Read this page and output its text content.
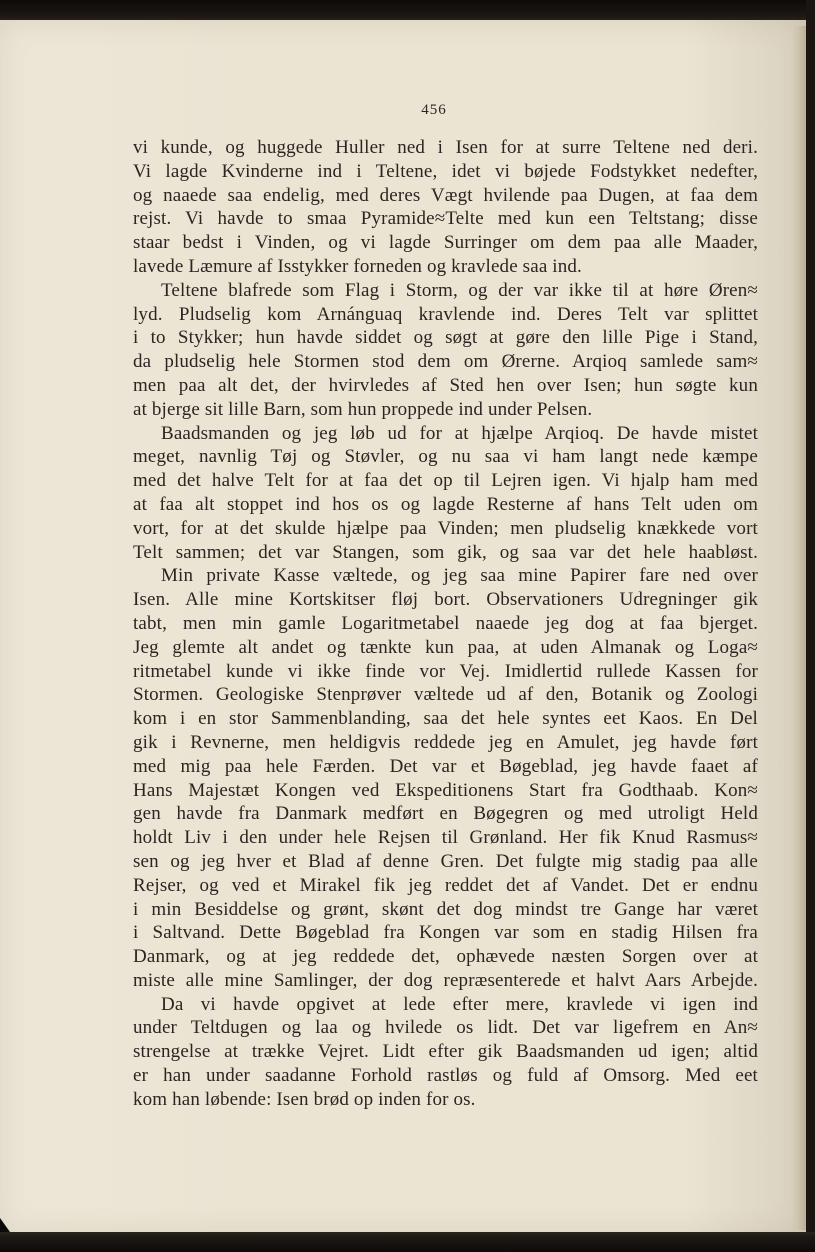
456

vi kunde, og huggede Huller ned i Isen for at surre Teltene ned deri.

Vi lagde Kvinderne ind i Teltene, idet vi bøjede Fodstykket nedefter,

og naaede saa endelig, med deres Vægt hvilende paa Dugen, at faa dem

rejst. Vi havde to smaa Pyramide≈Telte med kun een Teltstang; disse

staar bedst i Vinden, og vi lagde Surringer om dem paa alle Maader,

lavede Læmure af Isstykker forneden og kravlede saa ind.

Teltene blafrede som Flag i Storm, og der var ikke til at høre Øren≈

lyd. Pludselig kom Arnánguaq kravlende ind. Deres Telt var splittet

i to Stykker; hun havde siddet og søgt at gøre den lille Pige i Stand,

da pludselig hele Stormen stod dem om Ørerne. Arqioq samlede sam≈

men paa alt det, der hvirvledes af Sted hen over Isen; hun søgte kun

at bjerge sit lille Barn, som hun proppede ind under Pelsen.

Baadsmanden og jeg løb ud for at hjælpe Arqioq. De havde mistet

meget, navnlig Tøj og Støvler, og nu saa vi ham langt nede kæmpe

med det halve Telt for at faa det op til Lejren igen. Vi hjalp ham med

at faa alt stoppet ind hos os og lagde Resterne af hans Telt uden om

vort, for at det skulde hjælpe paa Vinden; men pludselig knækkede vort

Telt sammen; det var Stangen, som gik, og saa var det hele haabløst.

Min private Kasse væltede, og jeg saa mine Papirer fare ned over

Isen. Alle mine Kortskitser fløj bort. Observationers Udregninger gik

tabt, men min gamle Logaritmetabel naaede jeg dog at faa bjerget.

Jeg glemte alt andet og tænkte kun paa, at uden Almanak og Loga≈

ritmetabel kunde vi ikke finde vor Vej. Imidlertid rullede Kassen for

Stormen. Geologiske Stenprøver væltede ud af den, Botanik og Zoologi

kom i en stor Sammenblanding, saa det hele syntes eet Kaos. En Del

gik i Revnerne, men heldigvis reddede jeg en Amulet, jeg havde ført

med mig paa hele Færden. Det var et Bøgeblad, jeg havde faaet af

Hans Majestæt Kongen ved Ekspeditionens Start fra Godthaab. Kon≈

gen havde fra Danmark medført en Bøgegren og med utroligt Held

holdt Liv i den under hele Rejsen til Grønland. Her fik Knud Rasmus≈

sen og jeg hver et Blad af denne Gren. Det fulgte mig stadig paa alle

Rejser, og ved et Mirakel fik jeg reddet det af Vandet. Det er endnu

i min Besiddelse og grønt, skønt det dog mindst tre Gange har været

i Saltvand. Dette Bøgeblad fra Kongen var som en stadig Hilsen fra

Danmark, og at jeg reddede det, ophævede næsten Sorgen over at

miste alle mine Samlinger, der dog repræsenterede et halvt Aars Arbejde.

Da vi havde opgivet at lede efter mere, kravlede vi igen ind

under Teltdugen og laa og hvilede os lidt. Det var ligefrem en An≈

strengelse at trække Vejret. Lidt efter gik Baadsmanden ud igen; altid

er han under saadanne Forhold rastløs og fuld af Omsorg. Med eet

kom han løbende: Isen brød op inden for os.
